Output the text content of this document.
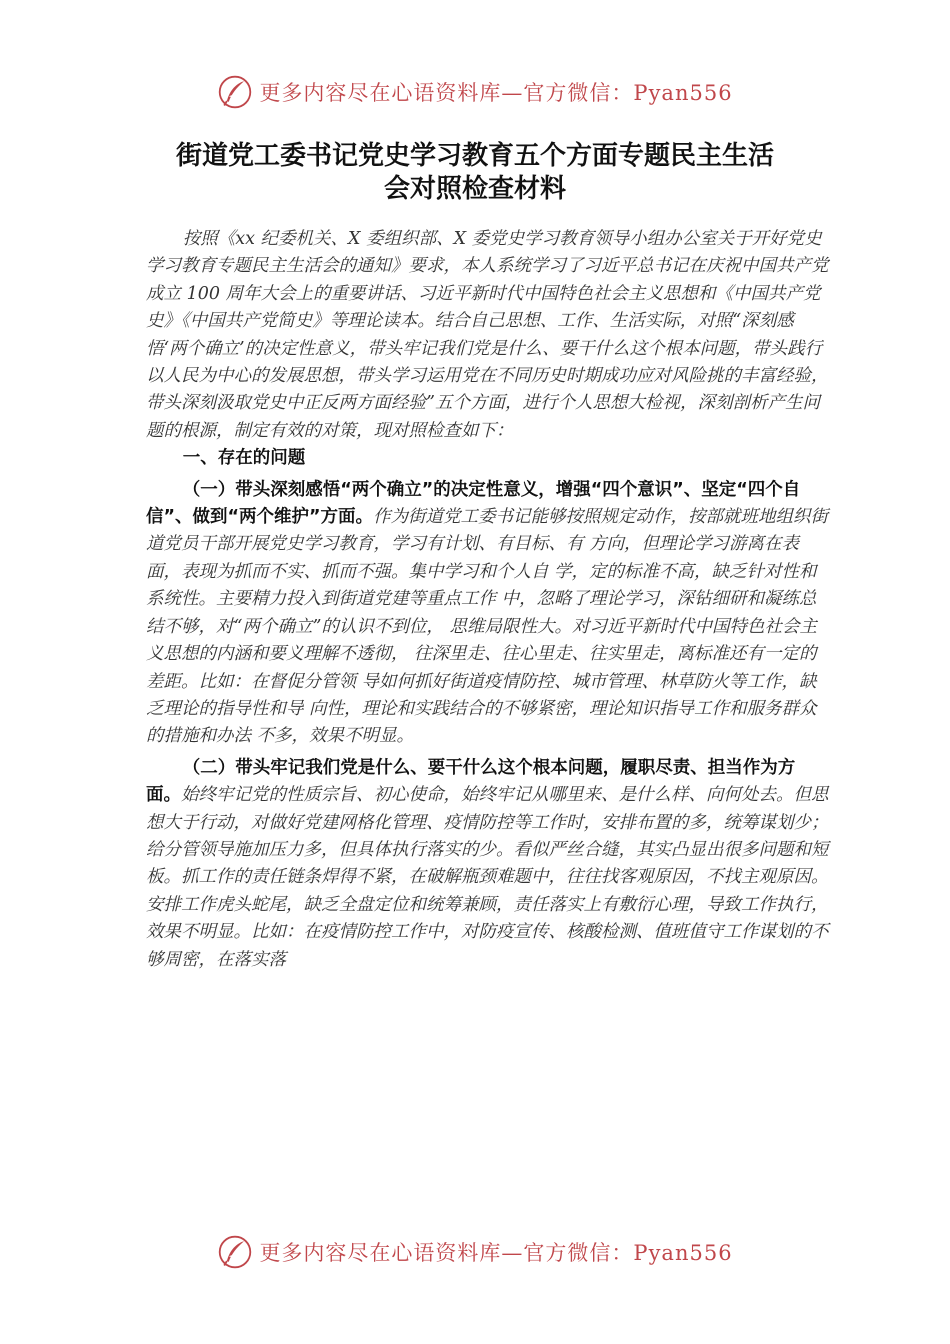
更多内容尽在心语资料库—官方微信：Pyan556
街道党工委书记党史学习教育五个方面专题民主生活
会对照检查材料

按照《xx 纪委机关、X 委组织部、X 委党史学习教育领导小组办公室关于开好党史学习教育专题民主生活会的通知》要求，本人系统学习了习近平总书记在庆祝中国共产党成立 100 周年大会上的重要讲话、习近平新时代中国特色社会主义思想和《中国共产党史》《中国共产党简史》等理论读本。结合自己思想、工作、生活实际，对照“深刻感悟‘两个确立’的决定性意义，带头牢记我们党是什么、要干什么这个根本问题，带头践行以人民为中心的发展思想，带头学习运用党在不同历史时期成功应对风险挑的丰富经验，带头深刻汲取党史中正反两方面经验”五个方面，进行个人思想大检视，深刻剖析产生问题的根源，制定有效的对策，现对照检查如下：

一、存在的问题

（一）带头深刻感悟“两个确立”的决定性意义，增强“四个意识”、坚定“四个自信”、做到“两个维护”方面。作为街道党工委书记能够按照规定动作，按部就班地组织街道党员干部开展党史学习教育，学习有计划、有目标、有 方向，但理论学习游离在表面，表现为抓而不实、抓而不强。集中学习和个人自 学，定的标准不高，缺乏针对性和系统性。主要精力投入到街道党建等重点工作 中，忽略了理论学习，深钻细研和凝练总结不够，对“两个确立”的认识不到位， 思维局限性大。对习近平新时代中国特色社会主义思想的内涵和要义理解不透彻， 往深里走、往心里走、往实里走，离标准还有一定的差距。比如：在督促分管领 导如何抓好街道疫情防控、城市管理、林草防火等工作，缺乏理论的指导性和导 向性，理论和实践结合的不够紧密，理论知识指导工作和服务群众的措施和办法 不多，效果不明显。

（二）带头牢记我们党是什么、要干什么这个根本问题，履职尽责、担当作为方面。始终牢记党的性质宗旨、初心使命，始终牢记从哪里来、是什么样、向何处去。但思想大于行动，对做好党建网格化管理、疫情防控等工作时，安排布置的多，统筹谋划少；给分管领导施加压力多，但具体执行落实的少。看似严丝合缝，其实凸显出很多问题和短板。抓工作的责任链条焊得不紧，在破解瓶颈难题中，往往找客观原因，不找主观原因。安排工作虎头蛇尾，缺乏全盘定位和统筹兼顾，责任落实上有敷衍心理，导致工作执行，效果不明显。比如：在疫情防控工作中，对防疫宣传、核酸检测、值班值守工作谋划的不够周密，在落实落

更多内容尽在心语资料库—官方微信：Pyan556
